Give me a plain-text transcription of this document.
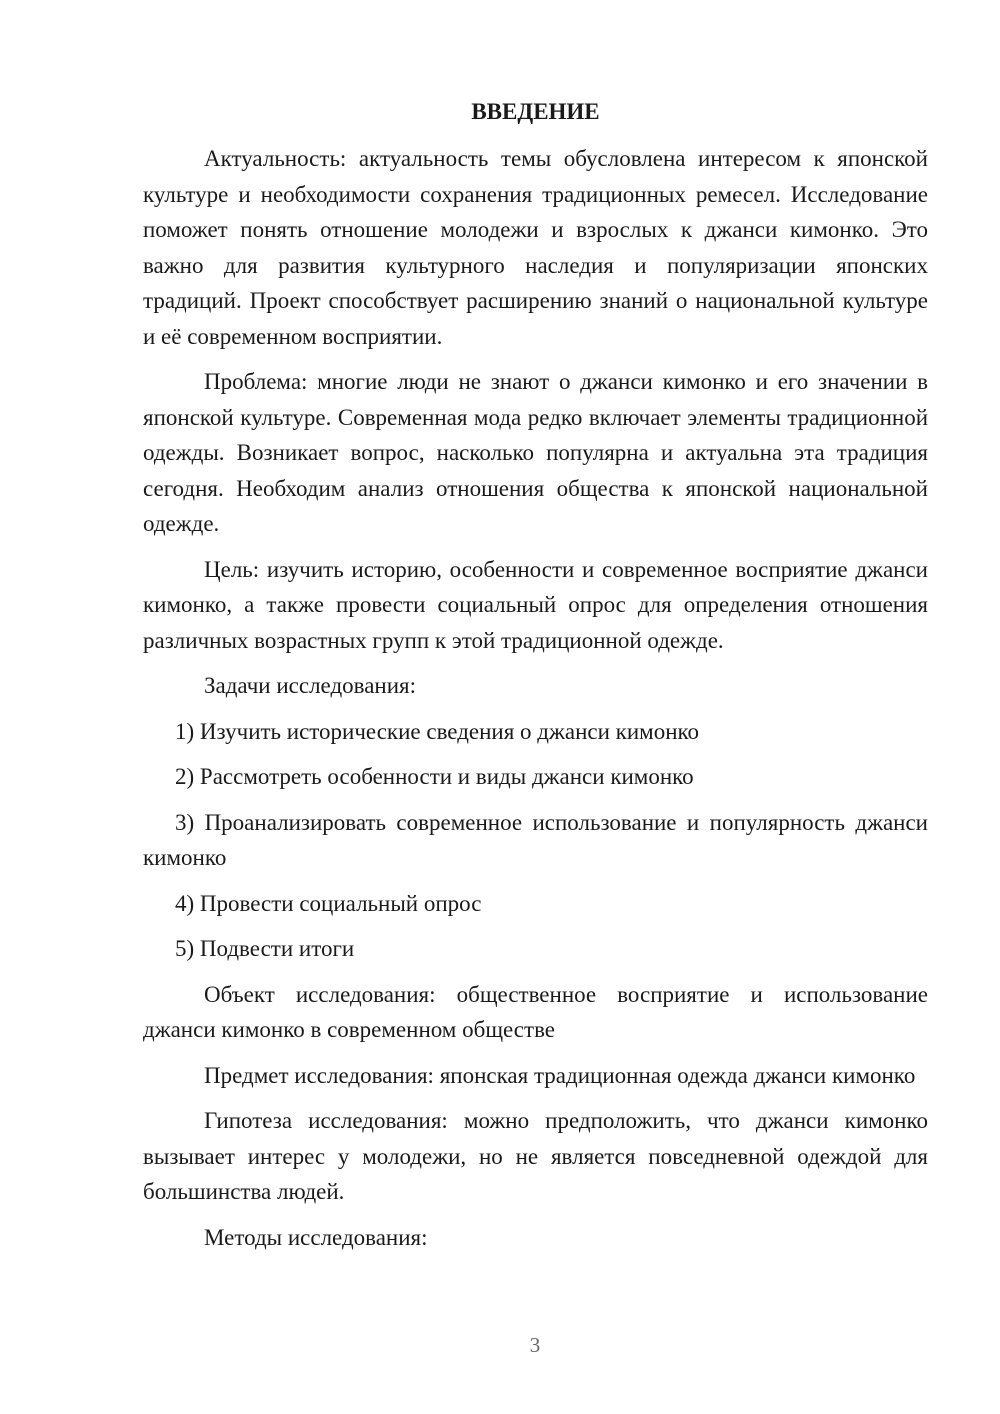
ВВЕДЕНИЕ

Актуальность: актуальность темы обусловлена интересом к японской культуре и необходимости сохранения традиционных ремесел. Исследование поможет понять отношение молодежи и взрослых к джанси кимонко. Это важно для развития культурного наследия и популяризации японских традиций. Проект способствует расширению знаний о национальной культуре и её современном восприятии.

Проблема: многие люди не знают о джанси кимонко и его значении в японской культуре. Современная мода редко включает элементы традиционной одежды. Возникает вопрос, насколько популярна и актуальна эта традиция сегодня. Необходим анализ отношения общества к японской национальной одежде.

Цель: изучить историю, особенности и современное восприятие джанси кимонко, а также провести социальный опрос для определения отношения различных возрастных групп к этой традиционной одежде.

Задачи исследования:

1) Изучить исторические сведения о джанси кимонко

2) Рассмотреть особенности и виды джанси кимонко

3) Проанализировать современное использование и популярность джанси кимонко

4) Провести социальный опрос

5) Подвести итоги

Объект исследования: общественное восприятие и использование джанси кимонко в современном обществе

Предмет исследования: японская традиционная одежда джанси кимонко

Гипотеза исследования: можно предположить, что джанси кимонко вызывает интерес у молодежи, но не является повседневной одеждой для большинства людей.

Методы исследования:

3
